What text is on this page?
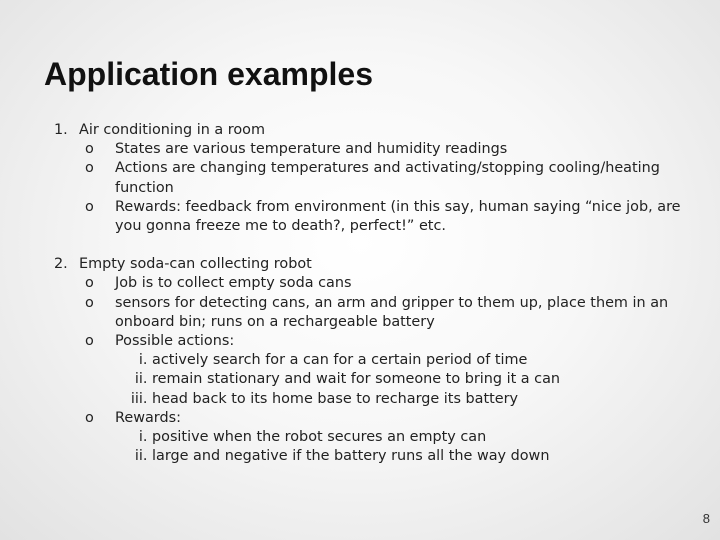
Application examples
1. Air conditioning in a room
o	States are various temperature and humidity readings
o	Actions are changing temperatures and activating/stopping cooling/heating function
o	Rewards: feedback from environment (in this say, human saying “nice job, are you gonna freeze me to death?, perfect!” etc.
2. Empty soda-can collecting robot
o	Job is to collect empty soda cans
o	sensors for detecting cans, an arm and gripper to them up, place them in an onboard bin; runs on a rechargeable battery
o	Possible actions:
i. actively search for a can for a certain period of time
ii. remain stationary and wait for someone to bring it a can
iii. head back to its home base to recharge its battery
o	Rewards:
i. positive when the robot secures an empty can
ii. large and negative if the battery runs all the way down
8
